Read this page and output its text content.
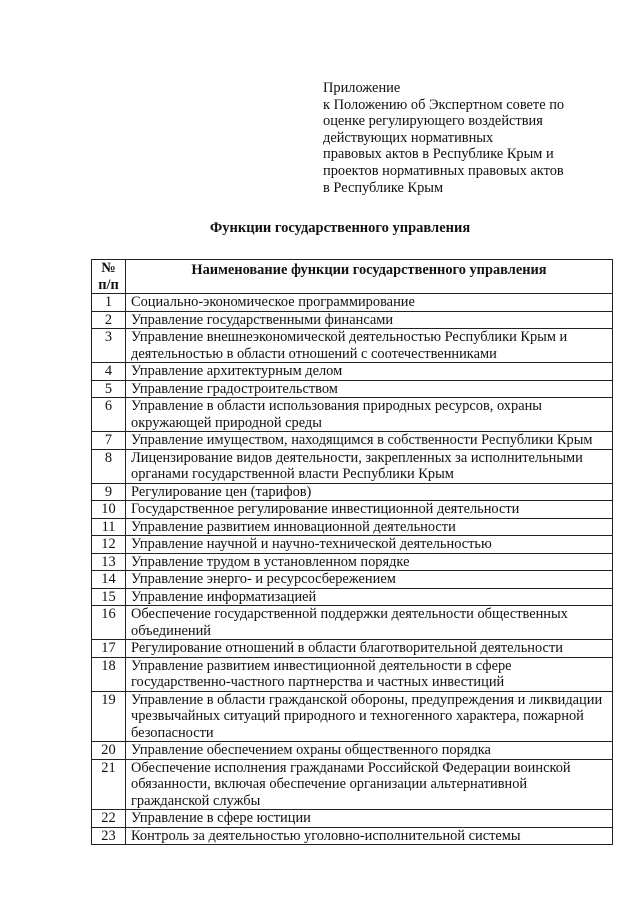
Приложение
к Положению об Экспертном совете по
оценке регулирующего воздействия
действующих нормативных
правовых актов в Республике Крым и
проектов нормативных правовых актов
в Республике Крым
Функции государственного управления
№
п/п	Наименование функции государственного управления
1	Социально-экономическое программирование
2	Управление государственными финансами
3	Управление внешнеэкономической деятельностью Республики Крым и деятельностью в области отношений с соотечественниками
4	Управление архитектурным делом
5	Управление градостроительством
6	Управление в области использования природных ресурсов, охраны окружающей природной среды
7	Управление имуществом, находящимся в собственности Республики Крым
8	Лицензирование видов деятельности, закрепленных за исполнительными органами государственной власти Республики Крым
9	Регулирование цен (тарифов)
10	Государственное регулирование инвестиционной деятельности
11	Управление развитием инновационной деятельности
12	Управление научной и научно-технической деятельностью
13	Управление трудом в установленном порядке
14	Управление энерго- и ресурсосбережением
15	Управление информатизацией
16	Обеспечение государственной поддержки деятельности общественных объединений
17	Регулирование отношений в области благотворительной деятельности
18	Управление развитием инвестиционной деятельности в сфере государственно-частного партнерства и частных инвестиций
19	Управление в области гражданской обороны, предупреждения и ликвидации чрезвычайных ситуаций природного и техногенного характера, пожарной безопасности
20	Управление обеспечением охраны общественного порядка
21	Обеспечение исполнения гражданами Российской Федерации воинской обязанности, включая обеспечение организации альтернативной гражданской службы
22	Управление в сфере юстиции
23	Контроль за деятельностью уголовно-исполнительной системы
